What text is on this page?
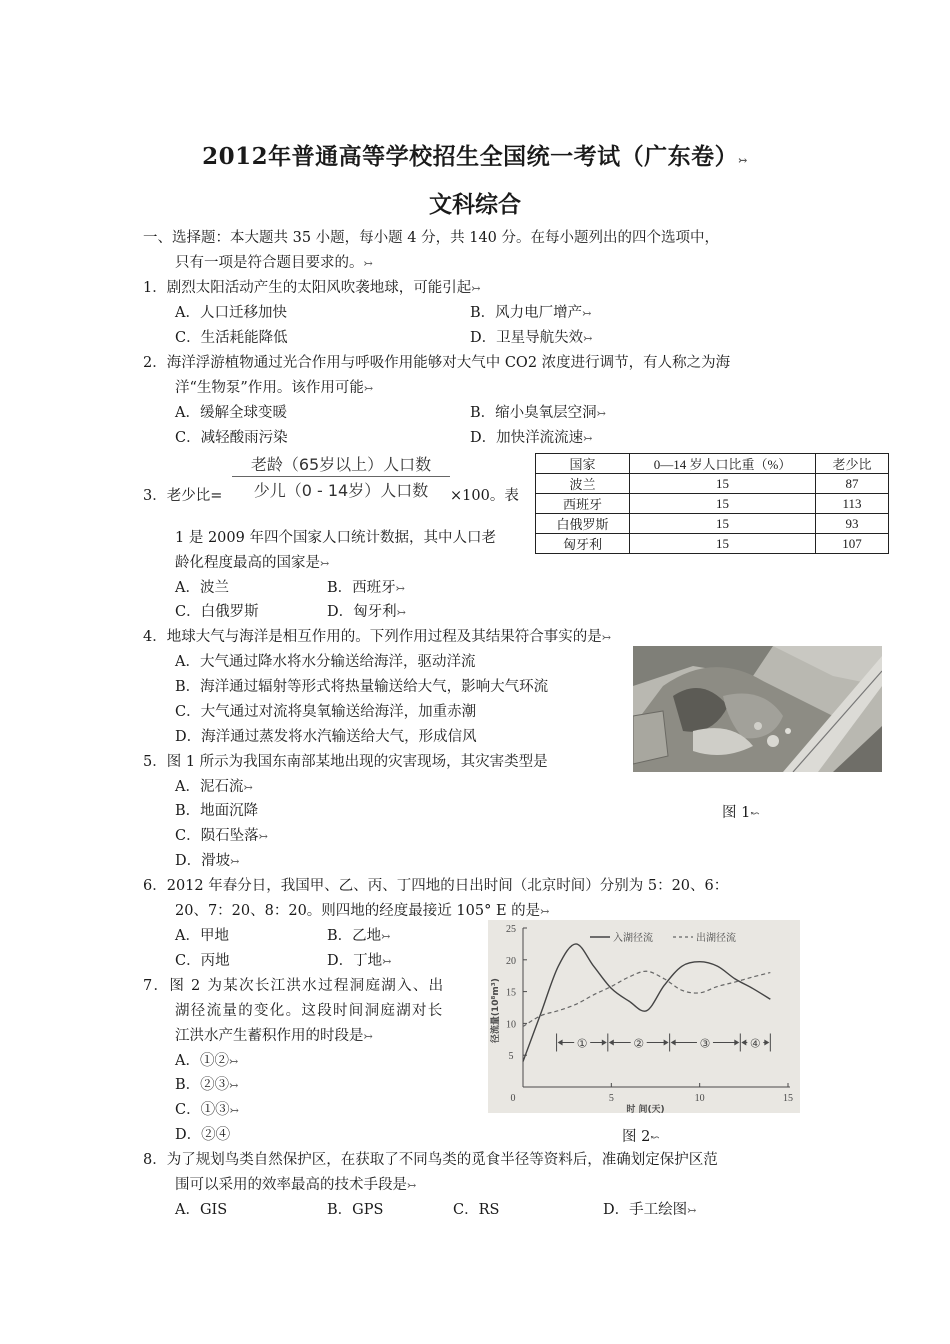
2012年普通高等学校招生全国统一考试（广东卷）↣
文科综合
一、选择题：本大题共 35 小题，每小题 4 分，共 140 分。在每小题列出的四个选项中，
只有一项是符合题目要求的。↣
1．剧烈太阳活动产生的太阳风吹袭地球，可能引起↣
A．人口迁移加快	B．风力电厂增产↣
C．生活耗能降低	D．卫星导航失效↣
2．海洋浮游植物通过光合作用与呼吸作用能够对大气中 CO2 浓度进行调节，有人称之为海
洋“生物泵”作用。该作用可能↣
A．缓解全球变暖	B．缩小臭氧层空洞↣
C．减轻酸雨污染	D．加快洋流流速↣
老龄（65岁以上）人口数
少儿（0 - 14岁）人口数
3．老少比=	×100。表
1 是 2009 年四个国家人口统计数据，其中人口老
龄化程度最高的国家是↣
A．波兰	B．西班牙↣
C．白俄罗斯	D．匈牙利↣
国家	0—14 岁人口比重（%）	老少比
波兰	15	87
西班牙	15	113
白俄罗斯	15	93
匈牙利	15	107
4．地球大气与海洋是相互作用的。下列作用过程及其结果符合事实的是↣
A．大气通过降水将水分输送给海洋，驱动洋流
B．海洋通过辐射等形式将热量输送给大气，影响大气环流
C．大气通过对流将臭氧输送给海洋，加重赤潮
D．海洋通过蒸发将水汽输送给大气，形成信风
5．图 1 所示为我国东南部某地出现的灾害现场，其灾害类型是
A．泥石流↣
B．地面沉降	图 1↜
C．陨石坠落↣
D．滑坡↣
6．2012 年春分日，我国甲、乙、丙、丁四地的日出时间（北京时间）分别为 5：20、6：
20、7：20、8：20。则四地的经度最接近 105° E 的是↣
A．甲地	B．乙地↣
C．丙地	D．丁地↣
0	5	10	15
5
10
15
20
25
时 间(天)
径流量(10⁸m³)
①	②	③	④
入湖径流	出湖径流
7．图 2 为某次长江洪水过程洞庭湖入、出
湖径流量的变化。这段时间洞庭湖对长
江洪水产生蓄积作用的时段是↣
A．①②↣
B．②③↣
C．①③↣
D．②④	图 2↜
8．为了规划鸟类自然保护区，在获取了不同鸟类的觅食半径等资料后，准确划定保护区范
围可以采用的效率最高的技术手段是↣
A．GIS	B．GPS	C．RS	D．手工绘图↣
